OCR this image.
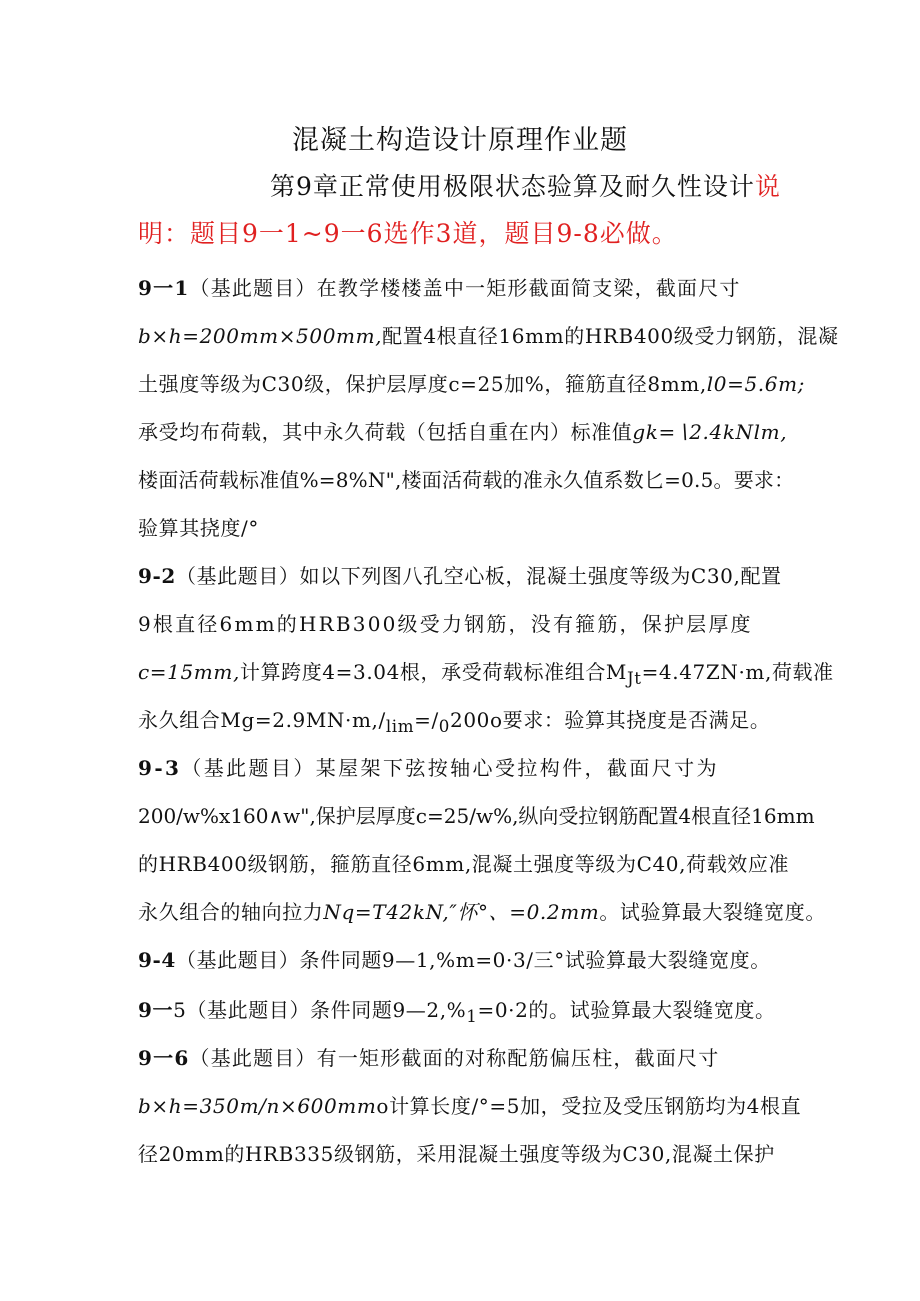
混凝土构造设计原理作业题
第9章正常使用极限状态验算及耐久性设计说
明：题目9一1~9一6选作3道，题目9-8必做。
9一1（基此题目）在教学楼楼盖中一矩形截面简支梁，截面尺寸
b×h=200mm×500mm,配置4根直径16mm的HRB400级受力钢筋，混凝
土强度等级为C30级，保护层厚度c=25加%，箍筋直径8mm,l0=5.6m;
承受均布荷载，其中永久荷载（包括自重在内）标准值gk=∖2.4kNlm,
楼面活荷载标准值%=8%N",楼面活荷载的准永久值系数匕=0.5。要求：
验算其挠度/°
9-2（基此题目）如以下列图八孔空心板，混凝土强度等级为C30,配置
9根直径6mm的HRB300级受力钢筋，没有箍筋，保护层厚度
c=15mm,计算跨度4=3.04根，承受荷载标准组合$M_{Jt}=4.47ZN\cdot m$,荷载准
永久组合$Mg=2.9MN\cdot m,∕_{lim}=∕_0200o$要求：验算其挠度是否满足。
9-3（基此题目）某屋架下弦按轴心受拉构件，截面尺寸为
200∕w%x160∧w",保护层厚度c=25∕w%,纵向受拉钢筋配置4根直径16mm
的HRB400级钢筋，箍筋直径6mm,混凝土强度等级为C40,荷载效应准
永久组合的轴向拉力Nq=T42kN,″怀°、=0.2mm。试验算最大裂缝宽度。
9-4（基此题目）条件同题9—1,%m=0·3∕三°试验算最大裂缝宽度。
9一5（基此题目）条件同题$9—2,\%_1=0\cdot 2$的。试验算最大裂缝宽度。
9一6（基此题目）有一矩形截面的对称配筋偏压柱，截面尺寸
b×h=350m∕n×600mmo计算长度/°=5加，受拉及受压钢筋均为4根直
径20mm的HRB335级钢筋，采用混凝土强度等级为C30,混凝土保护
